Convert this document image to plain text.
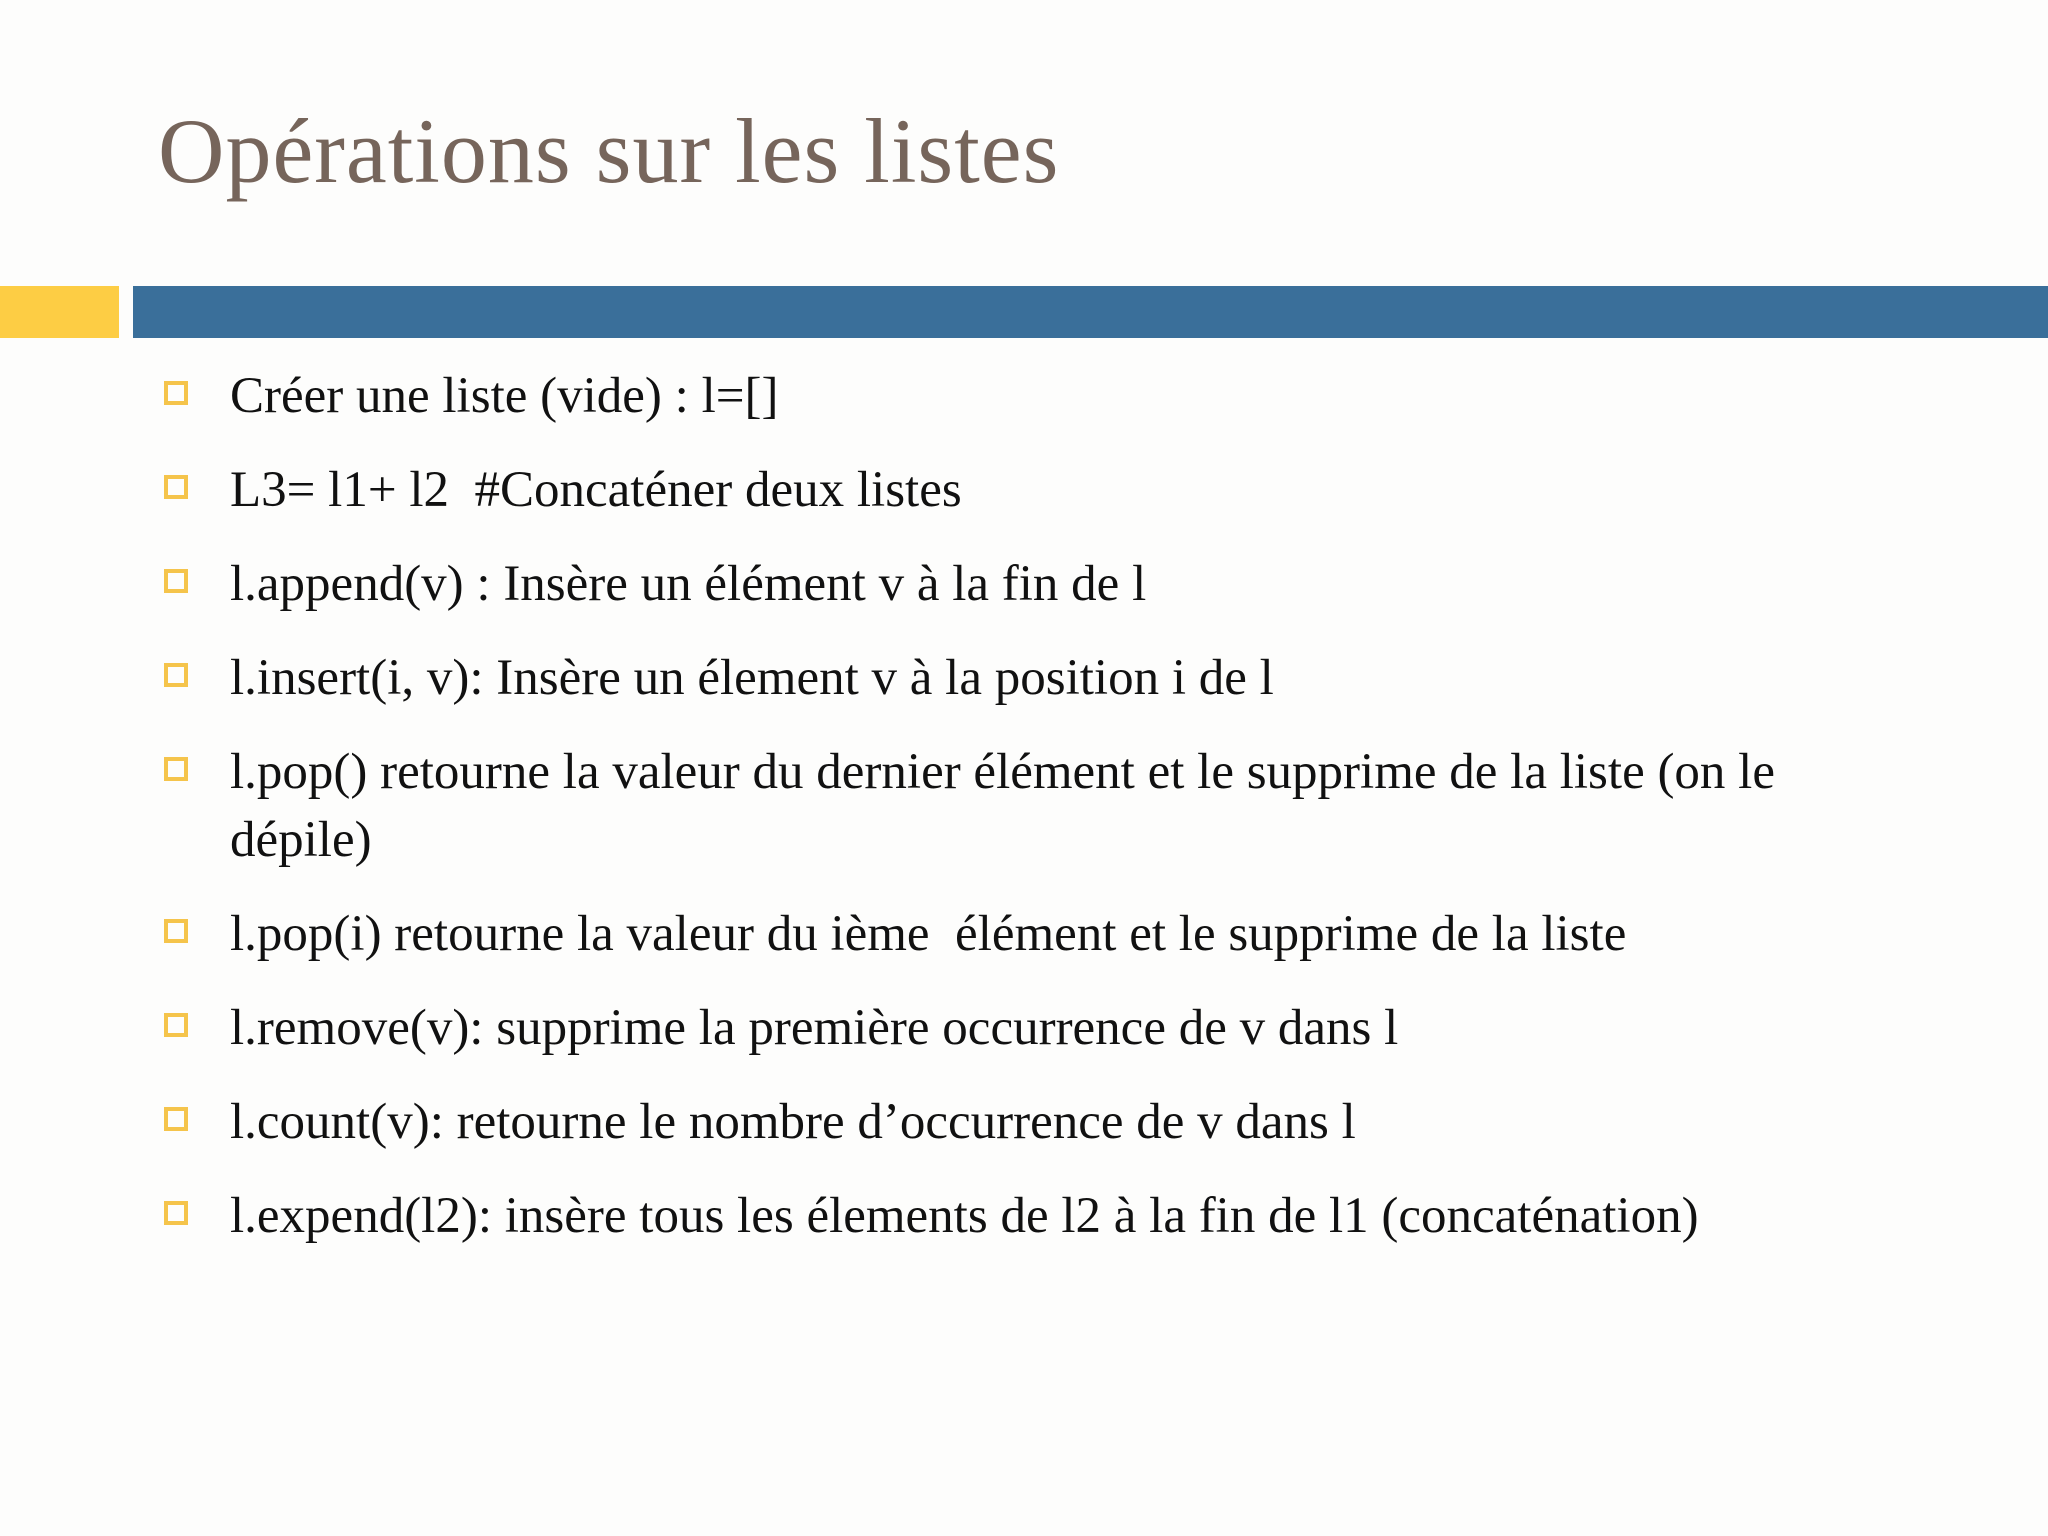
Opérations sur les listes
Créer une liste (vide) : l=[]
L3= l1+ l2  #Concaténer deux listes
l.append(v) : Insère un élément v à la fin de l
l.insert(i, v): Insère un élement v à la position i de l
l.pop() retourne la valeur du dernier élément et le supprime de la liste (on le dépile)
l.pop(i) retourne la valeur du ième  élément et le supprime de la liste
l.remove(v): supprime la première occurrence de v dans l
l.count(v): retourne le nombre d’occurrence de v dans l
l.expend(l2): insère tous les élements de l2 à la fin de l1 (concaténation)
